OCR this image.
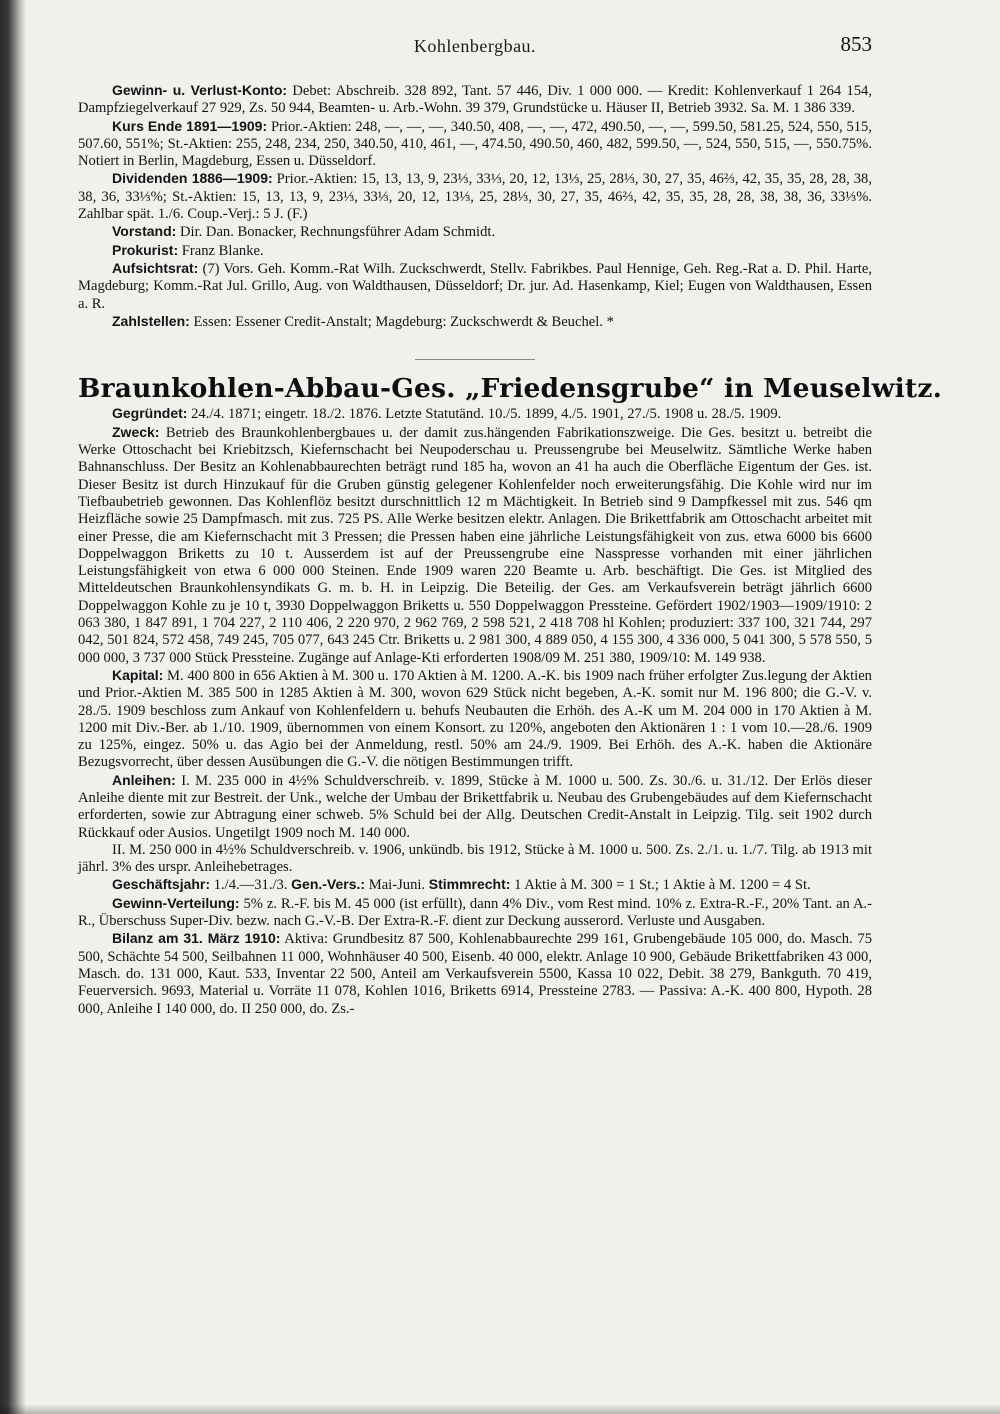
Kohlenbergbau.	853

Gewinn- u. Verlust-Konto: Debet: Abschreib. 328 892, Tant. 57 446, Div. 1 000 000. — Kredit: Kohlenverkauf 1 264 154, Dampfziegelverkauf 27 929, Zs. 50 944, Beamten- u. Arb.-Wohn. 39 379, Grundstücke u. Häuser II, Betrieb 3932. Sa. M. 1 386 339.

Kurs Ende 1891—1909: Prior.-Aktien: 248, —, —, —, 340.50, 408, —, —, 472, 490.50, —, —, 599.50, 581.25, 524, 550, 515, 507.60, 551%; St.-Aktien: 255, 248, 234, 250, 340.50, 410, 461, —, 474.50, 490.50, 460, 482, 599.50, —, 524, 550, 515, —, 550.75%. Notiert in Berlin, Magdeburg, Essen u. Düsseldorf.

Dividenden 1886—1909: Prior.-Aktien: 15, 13, 13, 9, 23⅓, 33⅓, 20, 12, 13⅓, 25, 28⅓, 30, 27, 35, 46⅔, 42, 35, 35, 28, 28, 38, 38, 36, 33⅓%; St.-Aktien: 15, 13, 13, 9, 23⅓, 33⅓, 20, 12, 13⅓, 25, 28⅓, 30, 27, 35, 46⅔, 42, 35, 35, 28, 28, 38, 38, 36, 33⅓%. Zahlbar spät. 1./6. Coup.-Verj.: 5 J. (F.)

Vorstand: Dir. Dan. Bonacker, Rechnungsführer Adam Schmidt.

Prokurist: Franz Blanke.

Aufsichtsrat: (7) Vors. Geh. Komm.-Rat Wilh. Zuckschwerdt, Stellv. Fabrikbes. Paul Hennige, Geh. Reg.-Rat a. D. Phil. Harte, Magdeburg; Komm.-Rat Jul. Grillo, Aug. von Waldthausen, Düsseldorf; Dr. jur. Ad. Hasenkamp, Kiel; Eugen von Waldthausen, Essen a. R.

Zahlstellen: Essen: Essener Credit-Anstalt; Magdeburg: Zuckschwerdt & Beuchel. *

Braunkohlen-Abbau-Ges. „Friedensgrube“ in Meuselwitz.

Gegründet: 24./4. 1871; eingetr. 18./2. 1876. Letzte Statutänd. 10./5. 1899, 4./5. 1901, 27./5. 1908 u. 28./5. 1909.

Zweck: Betrieb des Braunkohlenbergbaues u. der damit zus.hängenden Fabrikationszweige. Die Ges. besitzt u. betreibt die Werke Ottoschacht bei Kriebitzsch, Kiefernschacht bei Neupoderschau u. Preussengrube bei Meuselwitz. Sämtliche Werke haben Bahnanschluss. Der Besitz an Kohlenabbaurechten beträgt rund 185 ha, wovon an 41 ha auch die Oberfläche Eigentum der Ges. ist. Dieser Besitz ist durch Hinzukauf für die Gruben günstig gelegener Kohlenfelder noch erweiterungsfähig. Die Kohle wird nur im Tiefbaubetrieb gewonnen. Das Kohlenflöz besitzt durschnittlich 12 m Mächtigkeit. In Betrieb sind 9 Dampfkessel mit zus. 546 qm Heizfläche sowie 25 Dampfmasch. mit zus. 725 PS. Alle Werke besitzen elektr. Anlagen. Die Brikettfabrik am Ottoschacht arbeitet mit einer Presse, die am Kiefernschacht mit 3 Pressen; die Pressen haben eine jährliche Leistungsfähigkeit von zus. etwa 6000 bis 6600 Doppelwaggon Briketts zu 10 t. Ausserdem ist auf der Preussengrube eine Nasspresse vorhanden mit einer jährlichen Leistungsfähigkeit von etwa 6 000 000 Steinen. Ende 1909 waren 220 Beamte u. Arb. beschäftigt. Die Ges. ist Mitglied des Mitteldeutschen Braunkohlensyndikats G. m. b. H. in Leipzig. Die Beteilig. der Ges. am Verkaufsverein beträgt jährlich 6600 Doppelwaggon Kohle zu je 10 t, 3930 Doppelwaggon Briketts u. 550 Doppelwaggon Pressteine. Gefördert 1902/1903—1909/1910: 2 063 380, 1 847 891, 1 704 227, 2 110 406, 2 220 970, 2 962 769, 2 598 521, 2 418 708 hl Kohlen; produziert: 337 100, 321 744, 297 042, 501 824, 572 458, 749 245, 705 077, 643 245 Ctr. Briketts u. 2 981 300, 4 889 050, 4 155 300, 4 336 000, 5 041 300, 5 578 550, 5 000 000, 3 737 000 Stück Pressteine. Zugänge auf Anlage-Kti erforderten 1908/09 M. 251 380, 1909/10: M. 149 938.

Kapital: M. 400 800 in 656 Aktien à M. 300 u. 170 Aktien à M. 1200. A.-K. bis 1909 nach früher erfolgter Zus.legung der Aktien und Prior.-Aktien M. 385 500 in 1285 Aktien à M. 300, wovon 629 Stück nicht begeben, A.-K. somit nur M. 196 800; die G.-V. v. 28./5. 1909 beschloss zum Ankauf von Kohlenfeldern u. behufs Neubauten die Erhöh. des A.-K um M. 204 000 in 170 Aktien à M. 1200 mit Div.-Ber. ab 1./10. 1909, übernommen von einem Konsort. zu 120%, angeboten den Aktionären 1 : 1 vom 10.—28./6. 1909 zu 125%, eingez. 50% u. das Agio bei der Anmeldung, restl. 50% am 24./9. 1909. Bei Erhöh. des A.-K. haben die Aktionäre Bezugsvorrecht, über dessen Ausübungen die G.-V. die nötigen Bestimmungen trifft.

Anleihen: I. M. 235 000 in 4½% Schuldverschreib. v. 1899, Stücke à M. 1000 u. 500. Zs. 30./6. u. 31./12. Der Erlös dieser Anleihe diente mit zur Bestreit. der Unk., welche der Umbau der Brikettfabrik u. Neubau des Grubengebäudes auf dem Kiefernschacht erforderten, sowie zur Abtragung einer schweb. 5% Schuld bei der Allg. Deutschen Credit-Anstalt in Leipzig. Tilg. seit 1902 durch Rückkauf oder Ausios. Ungetilgt 1909 noch M. 140 000.

II. M. 250 000 in 4½% Schuldverschreib. v. 1906, unkündb. bis 1912, Stücke à M. 1000 u. 500. Zs. 2./1. u. 1./7. Tilg. ab 1913 mit jährl. 3% des urspr. Anleihebetrages.

Geschäftsjahr: 1./4.—31./3. Gen.-Vers.: Mai-Juni. Stimmrecht: 1 Aktie à M. 300 = 1 St.; 1 Aktie à M. 1200 = 4 St.

Gewinn-Verteilung: 5% z. R.-F. bis M. 45 000 (ist erfüllt), dann 4% Div., vom Rest mind. 10% z. Extra-R.-F., 20% Tant. an A.-R., Überschuss Super-Div. bezw. nach G.-V.-B. Der Extra-R.-F. dient zur Deckung ausserord. Verluste und Ausgaben.

Bilanz am 31. März 1910: Aktiva: Grundbesitz 87 500, Kohlenabbaurechte 299 161, Grubengebäude 105 000, do. Masch. 75 500, Schächte 54 500, Seilbahnen 11 000, Wohnhäuser 40 500, Eisenb. 40 000, elektr. Anlage 10 900, Gebäude Brikettfabriken 43 000, Masch. do. 131 000, Kaut. 533, Inventar 22 500, Anteil am Verkaufsverein 5500, Kassa 10 022, Debit. 38 279, Bankguth. 70 419, Feuerversich. 9693, Material u. Vorräte 11 078, Kohlen 1016, Briketts 6914, Pressteine 2783. — Passiva: A.-K. 400 800, Hypoth. 28 000, Anleihe I 140 000, do. II 250 000, do. Zs.-
